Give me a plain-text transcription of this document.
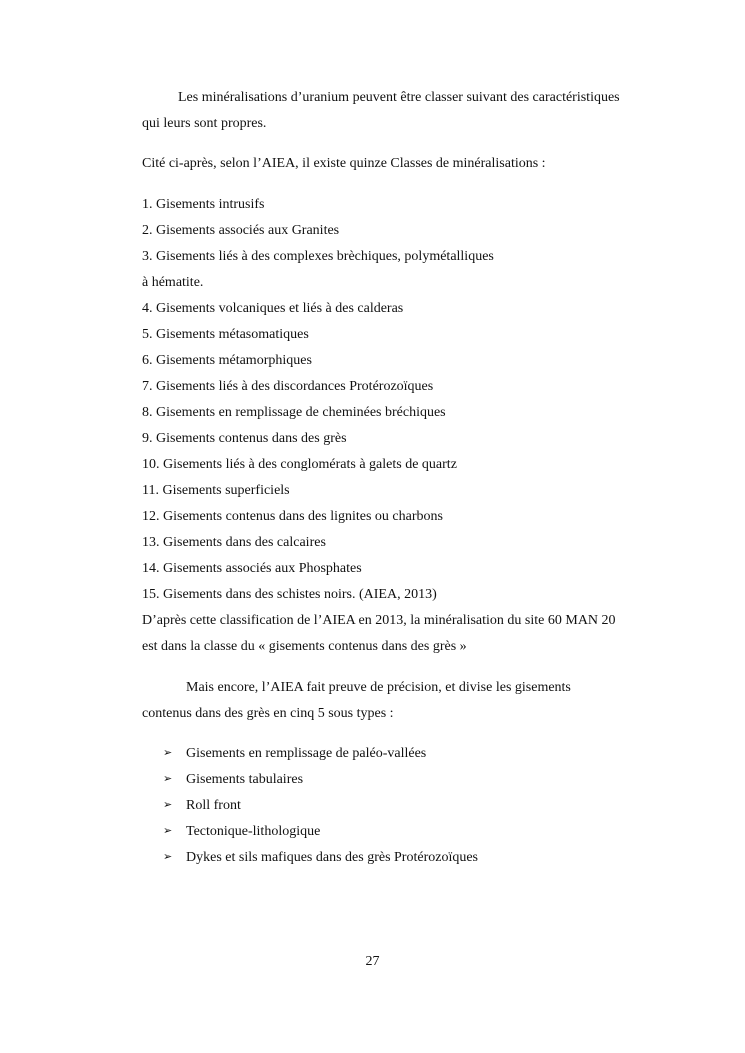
Les minéralisations d’uranium peuvent être classer suivant des caractéristiques
qui leurs sont propres.
Cité ci-après, selon l’AIEA, il existe quinze Classes de minéralisations :
1. Gisements intrusifs
2. Gisements associés aux Granites
3. Gisements liés à des complexes brèchiques, polymétalliques
à hématite.
4. Gisements volcaniques et liés à des calderas
5. Gisements métasomatiques
6. Gisements métamorphiques
7. Gisements liés à des discordances Protérozoïques
8. Gisements en remplissage de cheminées bréchiques
9. Gisements contenus dans des grès
10. Gisements liés à des conglomérats à galets de quartz
11. Gisements superficiels
12. Gisements contenus dans des lignites ou charbons
13. Gisements dans des calcaires
14. Gisements associés aux Phosphates
15. Gisements dans des schistes noirs. (AIEA, 2013)
D’après cette classification de l’AIEA en 2013, la minéralisation du site 60 MAN 20
est dans la classe du « gisements contenus dans des grès »
Mais encore, l’AIEA fait preuve de précision, et divise les gisements
contenus dans des grès en cinq 5 sous types :
➢ Gisements en remplissage de paléo-vallées
➢ Gisements tabulaires
➢ Roll front
➢ Tectonique-lithologique
➢ Dykes et sils mafiques dans des grès Protérozoïques
27
